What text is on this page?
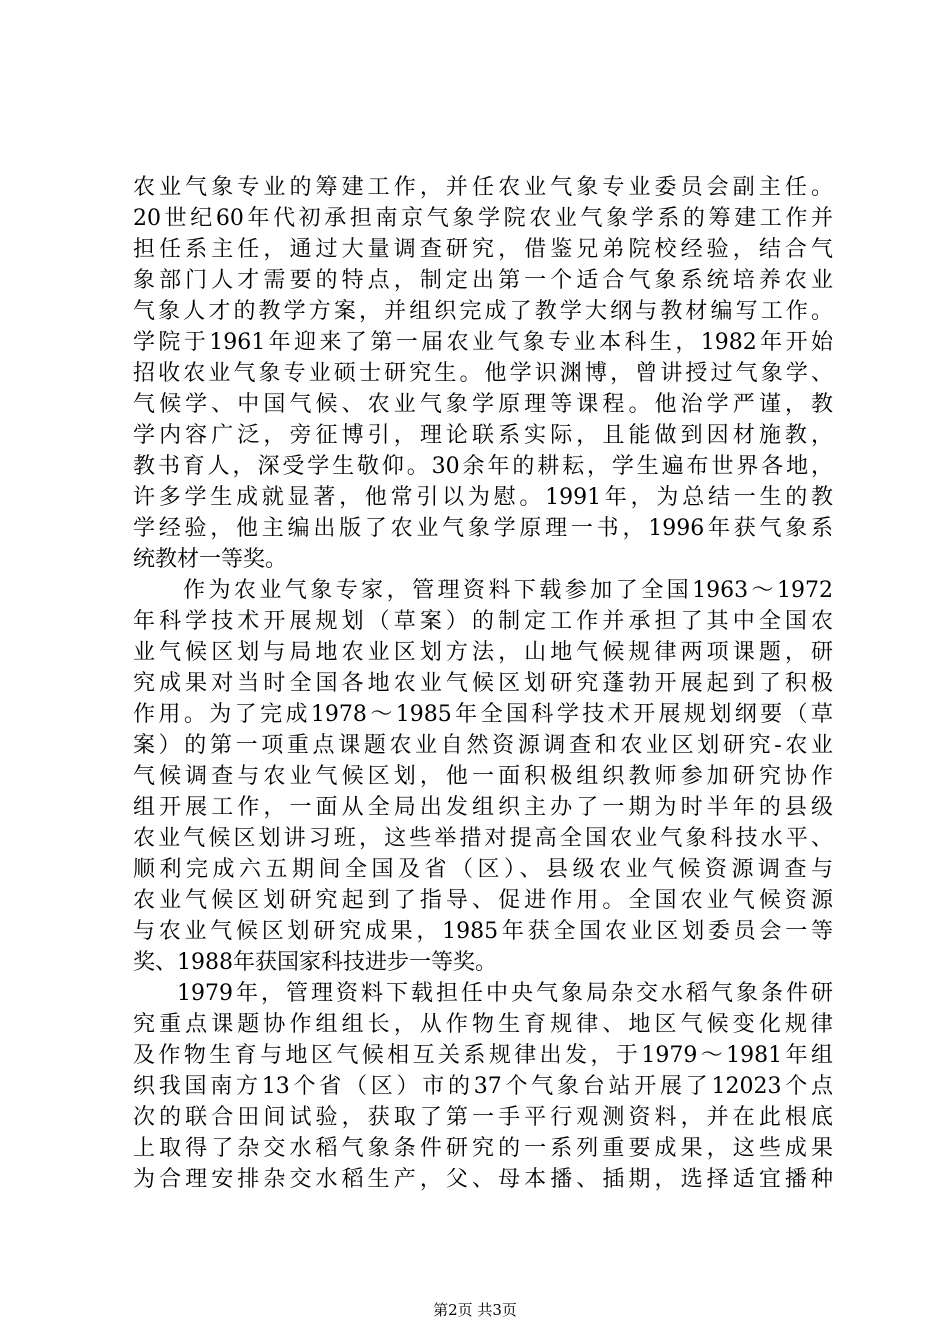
农业气象专业的筹建工作，并任农业气象专业委员会副主任。
20世纪60年代初承担南京气象学院农业气象学系的筹建工作并
担任系主任，通过大量调查研究，借鉴兄弟院校经验，结合气
象部门人才需要的特点，制定出第一个适合气象系统培养农业
气象人才的教学方案，并组织完成了教学大纲与教材编写工作。
学院于1961年迎来了第一届农业气象专业本科生，1982年开始
招收农业气象专业硕士研究生。他学识渊博，曾讲授过气象学、
气候学、中国气候、农业气象学原理等课程。他治学严谨，教
学内容广泛，旁征博引，理论联系实际，且能做到因材施教，
教书育人，深受学生敬仰。30余年的耕耘，学生遍布世界各地，
许多学生成就显著，他常引以为慰。1991年，为总结一生的教
学经验，他主编出版了农业气象学原理一书，1996年获气象系
统教材一等奖。
作为农业气象专家，管理资料下载参加了全国1963～1972
年科学技术开展规划（草案）的制定工作并承担了其中全国农
业气候区划与局地农业区划方法，山地气候规律两项课题，研
究成果对当时全国各地农业气候区划研究蓬勃开展起到了积极
作用。为了完成1978～1985年全国科学技术开展规划纲要（草
案）的第一项重点课题农业自然资源调查和农业区划研究-农业
气候调查与农业气候区划，他一面积极组织教师参加研究协作
组开展工作，一面从全局出发组织主办了一期为时半年的县级
农业气候区划讲习班，这些举措对提高全国农业气象科技水平、
顺利完成六五期间全国及省（区）、县级农业气候资源调查与
农业气候区划研究起到了指导、促进作用。全国农业气候资源
与农业气候区划研究成果，1985年获全国农业区划委员会一等
奖、1988年获国家科技进步一等奖。
1979年，管理资料下载担任中央气象局杂交水稻气象条件研
究重点课题协作组组长，从作物生育规律、地区气候变化规律
及作物生育与地区气候相互关系规律出发，于1979～1981年组
织我国南方13个省（区）市的37个气象台站开展了12023个点
次的联合田间试验，获取了第一手平行观测资料，并在此根底
上取得了杂交水稻气象条件研究的一系列重要成果，这些成果
为合理安排杂交水稻生产，父、母本播、插期，选择适宜播种
第2页 共3页
